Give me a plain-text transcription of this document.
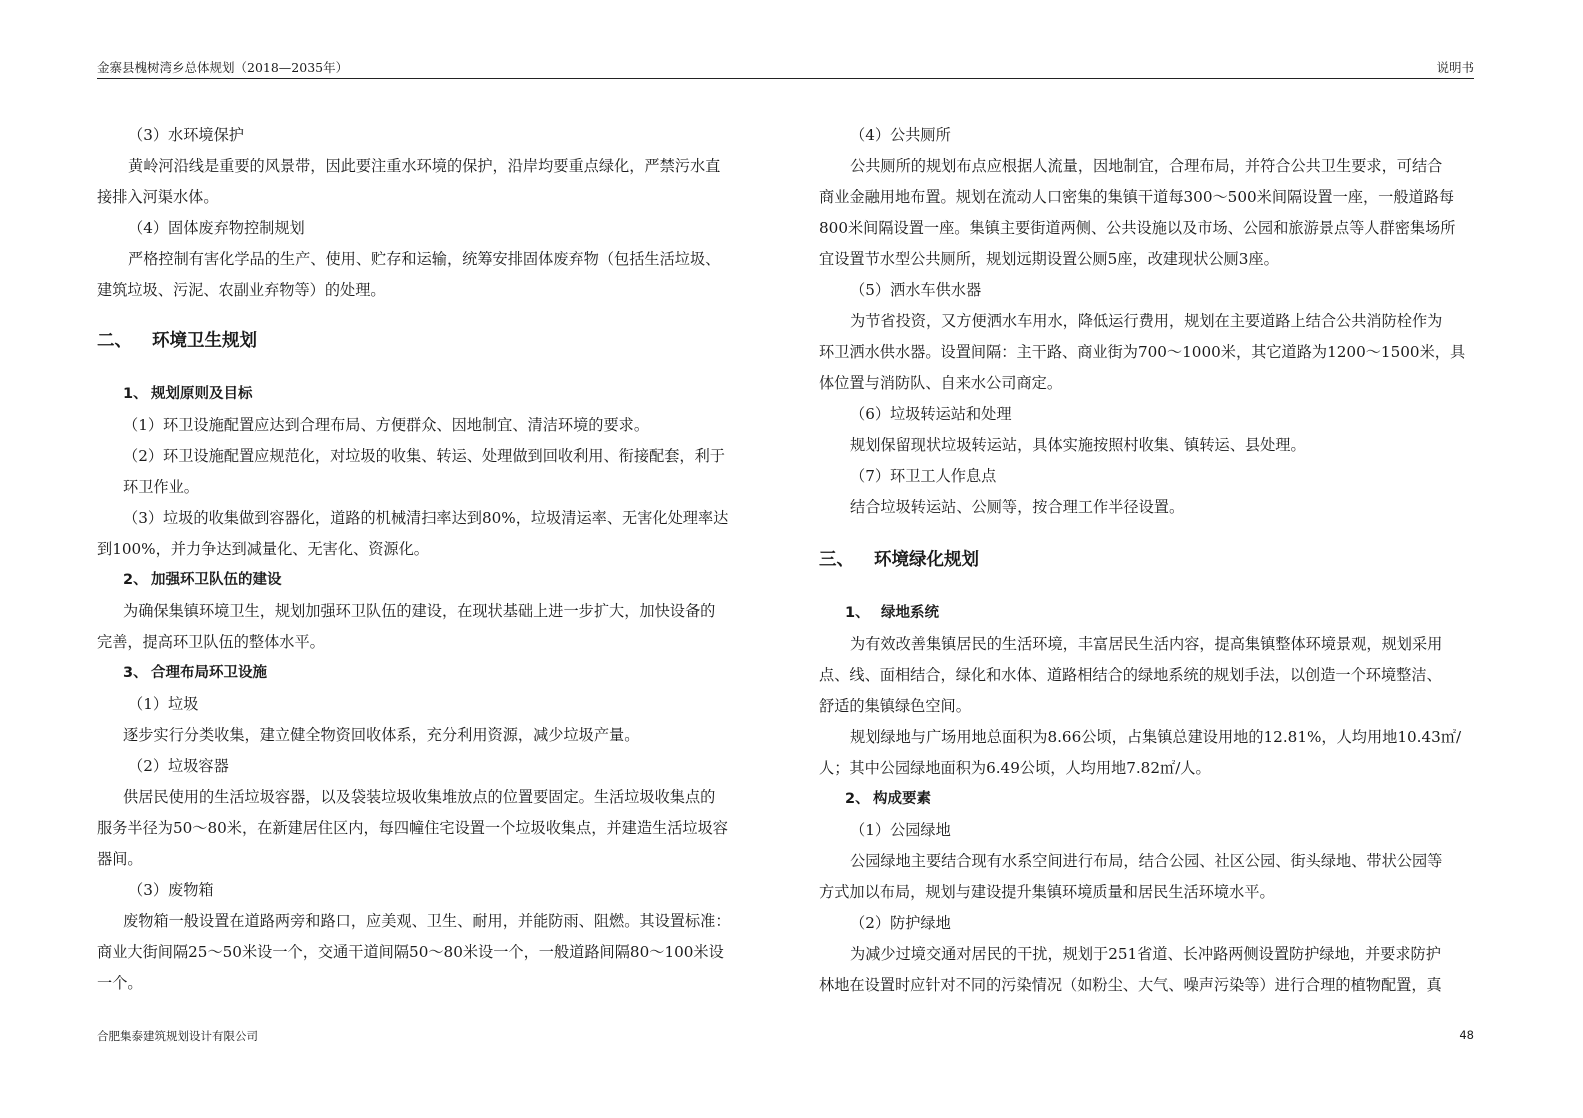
金寨县槐树湾乡总体规划（2018—2035年）	说明书

（3）水环境保护

黄岭河沿线是重要的风景带，因此要注重水环境的保护，沿岸均要重点绿化，严禁污水直

接排入河渠水体。

（4）固体废弃物控制规划

严格控制有害化学品的生产、使用、贮存和运输，统筹安排固体废弃物（包括生活垃圾、

建筑垃圾、污泥、农副业弃物等）的处理。

二、	环境卫生规划
1、 规划原则及目标

（1）环卫设施配置应达到合理布局、方便群众、因地制宜、清洁环境的要求。

（2）环卫设施配置应规范化，对垃圾的收集、转运、处理做到回收利用、衔接配套，利于

环卫作业。

（3）垃圾的收集做到容器化，道路的机械清扫率达到80%，垃圾清运率、无害化处理率达

到100%，并力争达到减量化、无害化、资源化。

2、 加强环卫队伍的建设

为确保集镇环境卫生，规划加强环卫队伍的建设，在现状基础上进一步扩大，加快设备的

完善，提高环卫队伍的整体水平。

3、 合理布局环卫设施

（1）垃圾

逐步实行分类收集，建立健全物资回收体系，充分利用资源，减少垃圾产量。

（2）垃圾容器

供居民使用的生活垃圾容器，以及袋装垃圾收集堆放点的位置要固定。生活垃圾收集点的

服务半径为50～80米，在新建居住区内，每四幢住宅设置一个垃圾收集点，并建造生活垃圾容

器间。

（3）废物箱

废物箱一般设置在道路两旁和路口，应美观、卫生、耐用，并能防雨、阻燃。其设置标准：

商业大街间隔25～50米设一个，交通干道间隔50～80米设一个，一般道路间隔80～100米设

一个。

（4）公共厕所

公共厕所的规划布点应根据人流量，因地制宜，合理布局，并符合公共卫生要求，可结合

商业金融用地布置。规划在流动人口密集的集镇干道每300～500米间隔设置一座，一般道路每

800米间隔设置一座。集镇主要街道两侧、公共设施以及市场、公园和旅游景点等人群密集场所

宜设置节水型公共厕所，规划远期设置公厕5座，改建现状公厕3座。

（5）洒水车供水器

为节省投资，又方便洒水车用水，降低运行费用，规划在主要道路上结合公共消防栓作为

环卫洒水供水器。设置间隔：主干路、商业街为700～1000米，其它道路为1200～1500米，具

体位置与消防队、自来水公司商定。

（6）垃圾转运站和处理

规划保留现状垃圾转运站，具体实施按照村收集、镇转运、县处理。

（7）环卫工人作息点

结合垃圾转运站、公厕等，按合理工作半径设置。

三、	环境绿化规划
1、 绿地系统

为有效改善集镇居民的生活环境，丰富居民生活内容，提高集镇整体环境景观，规划采用

点、线、面相结合，绿化和水体、道路相结合的绿地系统的规划手法，以创造一个环境整洁、

舒适的集镇绿色空间。

规划绿地与广场用地总面积为8.66公顷，占集镇总建设用地的12.81%，人均用地10.43㎡/

人；其中公园绿地面积为6.49公顷，人均用地7.82㎡/人。

2、 构成要素

（1）公园绿地

公园绿地主要结合现有水系空间进行布局，结合公园、社区公园、街头绿地、带状公园等

方式加以布局，规划与建设提升集镇环境质量和居民生活环境水平。

（2）防护绿地

为减少过境交通对居民的干扰，规划于251省道、长冲路两侧设置防护绿地，并要求防护

林地在设置时应针对不同的污染情况（如粉尘、大气、噪声污染等）进行合理的植物配置，真

合肥集泰建筑规划设计有限公司	48
